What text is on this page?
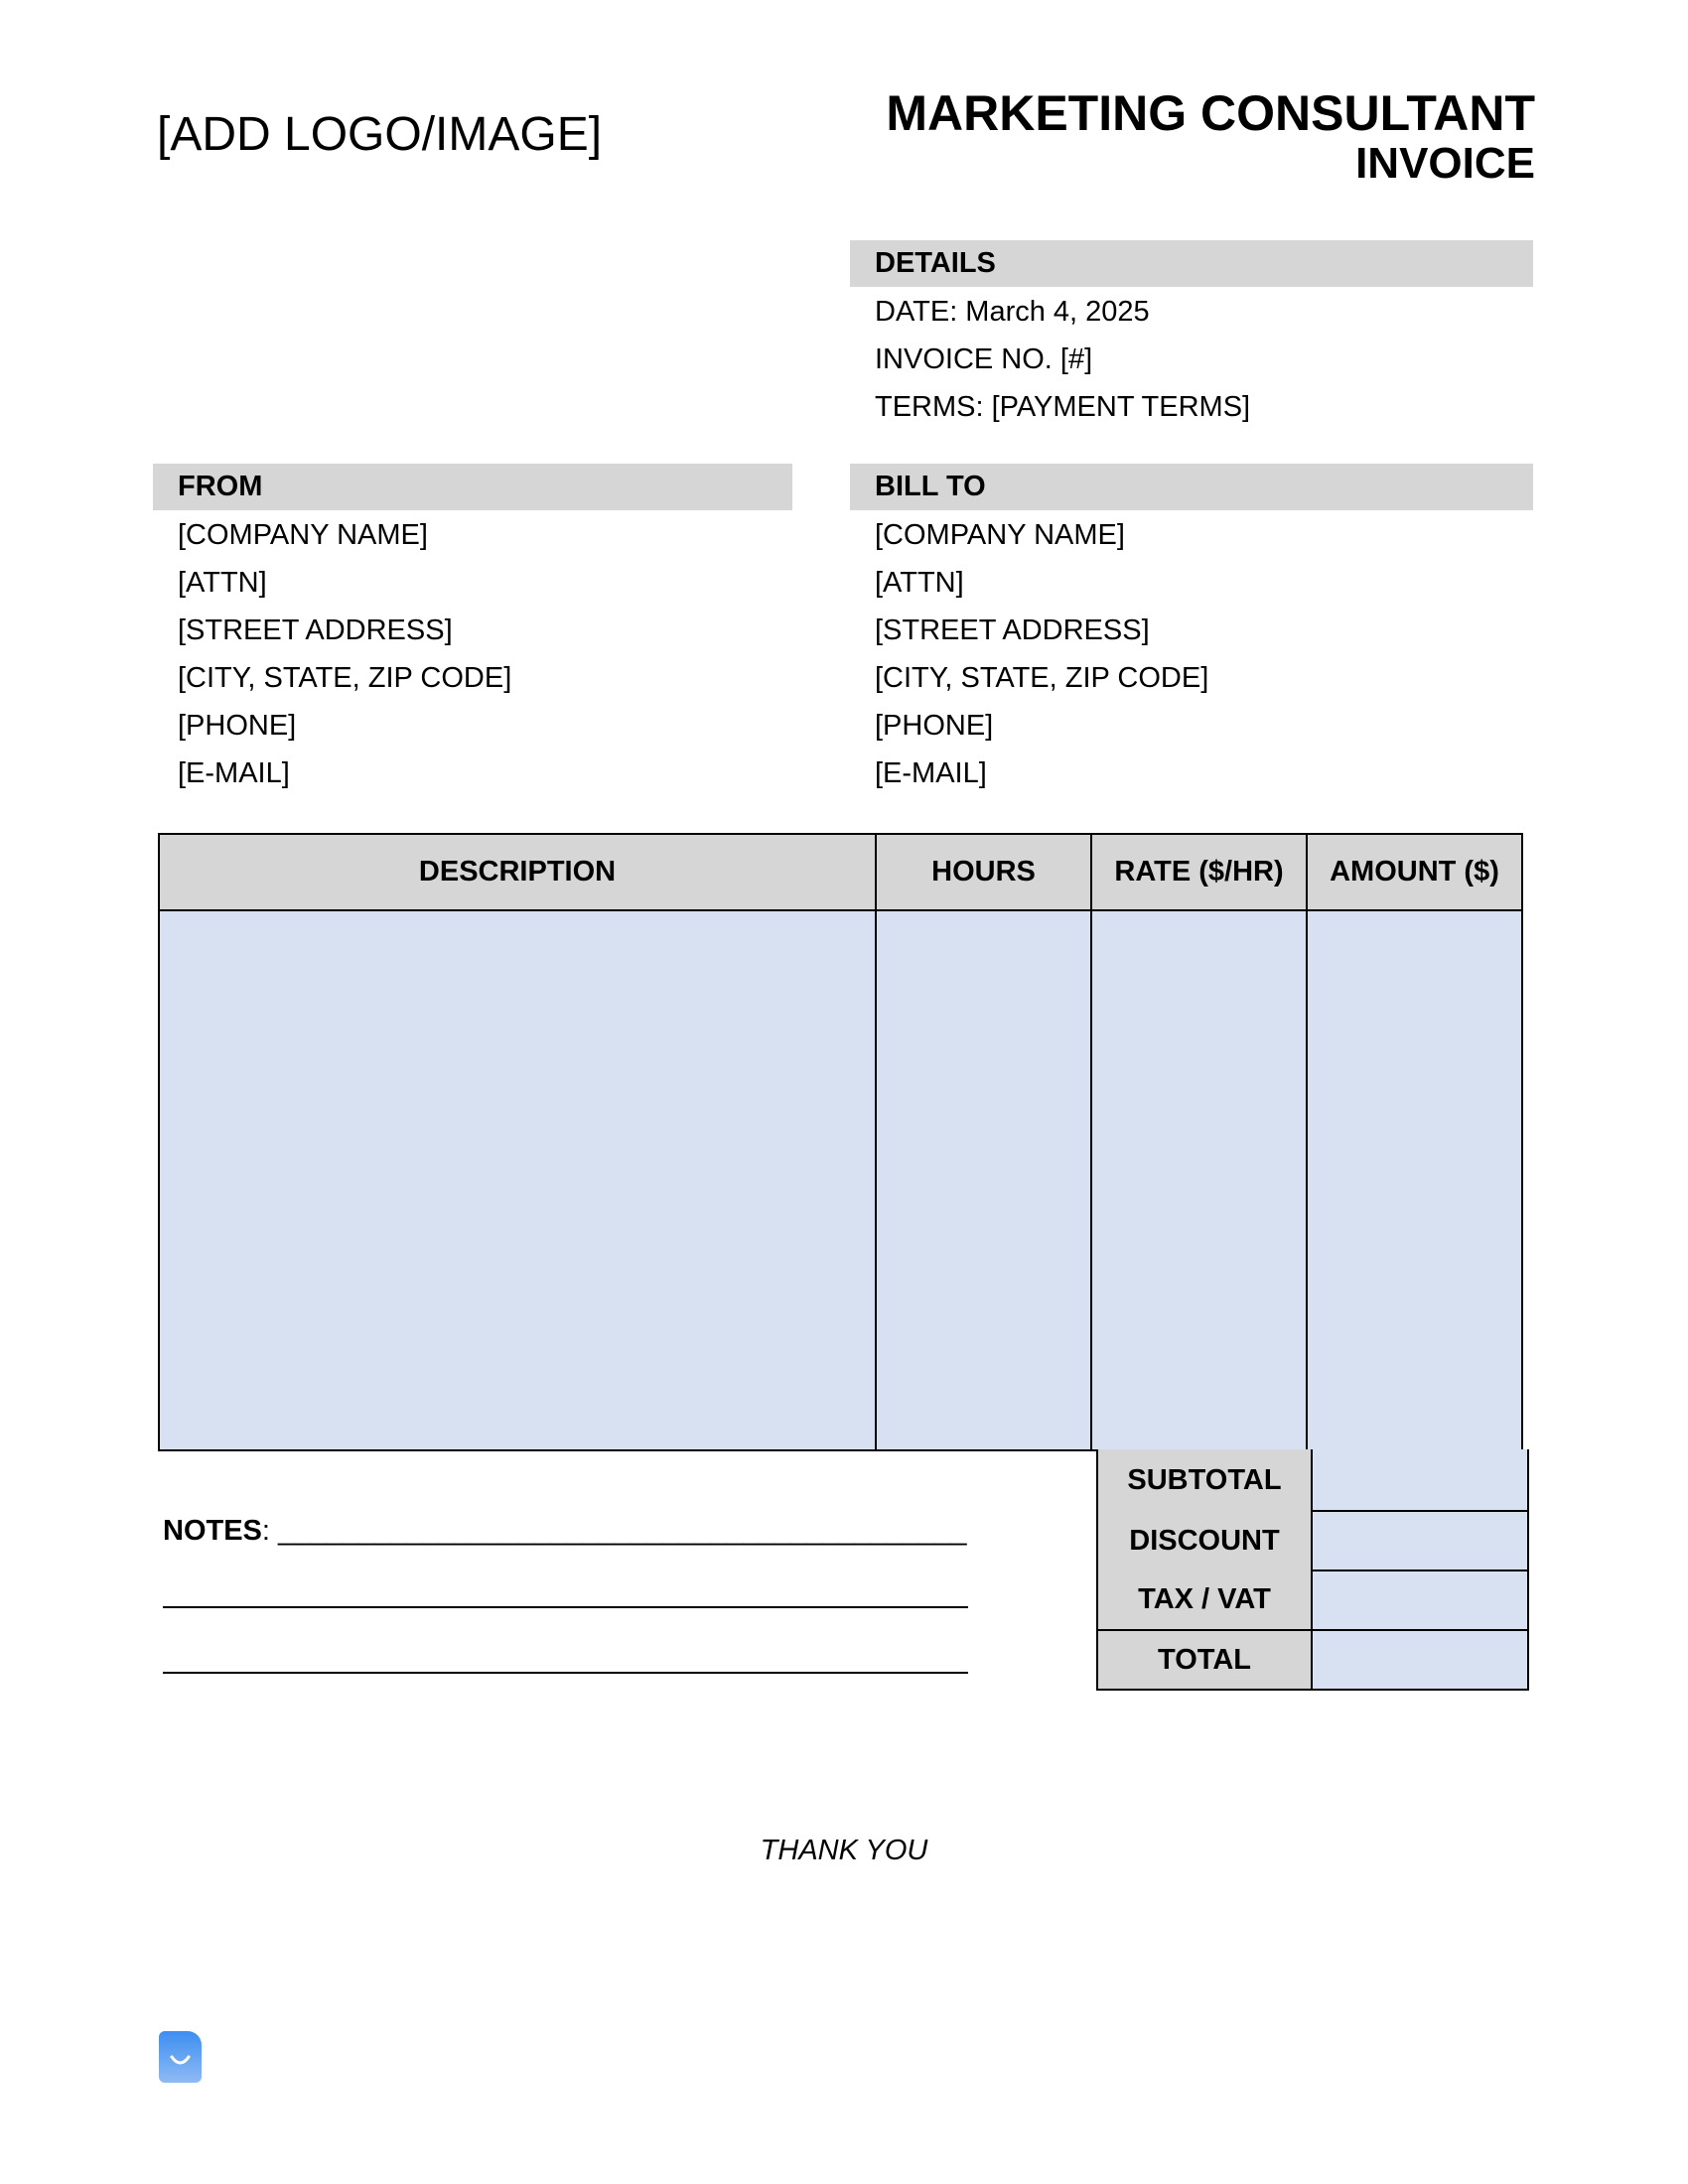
[ADD LOGO/IMAGE]	MARKETING CONSULTANT
INVOICE
DETAILS
DATE: March 4, 2025
INVOICE NO. [#]
TERMS: [PAYMENT TERMS]
FROM
[COMPANY NAME]
[ATTN]
[STREET ADDRESS]
[CITY, STATE, ZIP CODE]
[PHONE]
[E-MAIL]
BILL TO
[COMPANY NAME]
[ATTN]
[STREET ADDRESS]
[CITY, STATE, ZIP CODE]
[PHONE]
[E-MAIL]
DESCRIPTION	HOURS	RATE ($/HR)	AMOUNT ($)

SUBTOTAL	
DISCOUNT	
TAX / VAT	
TOTAL	
NOTES: ___________________________________________
THANK YOU
